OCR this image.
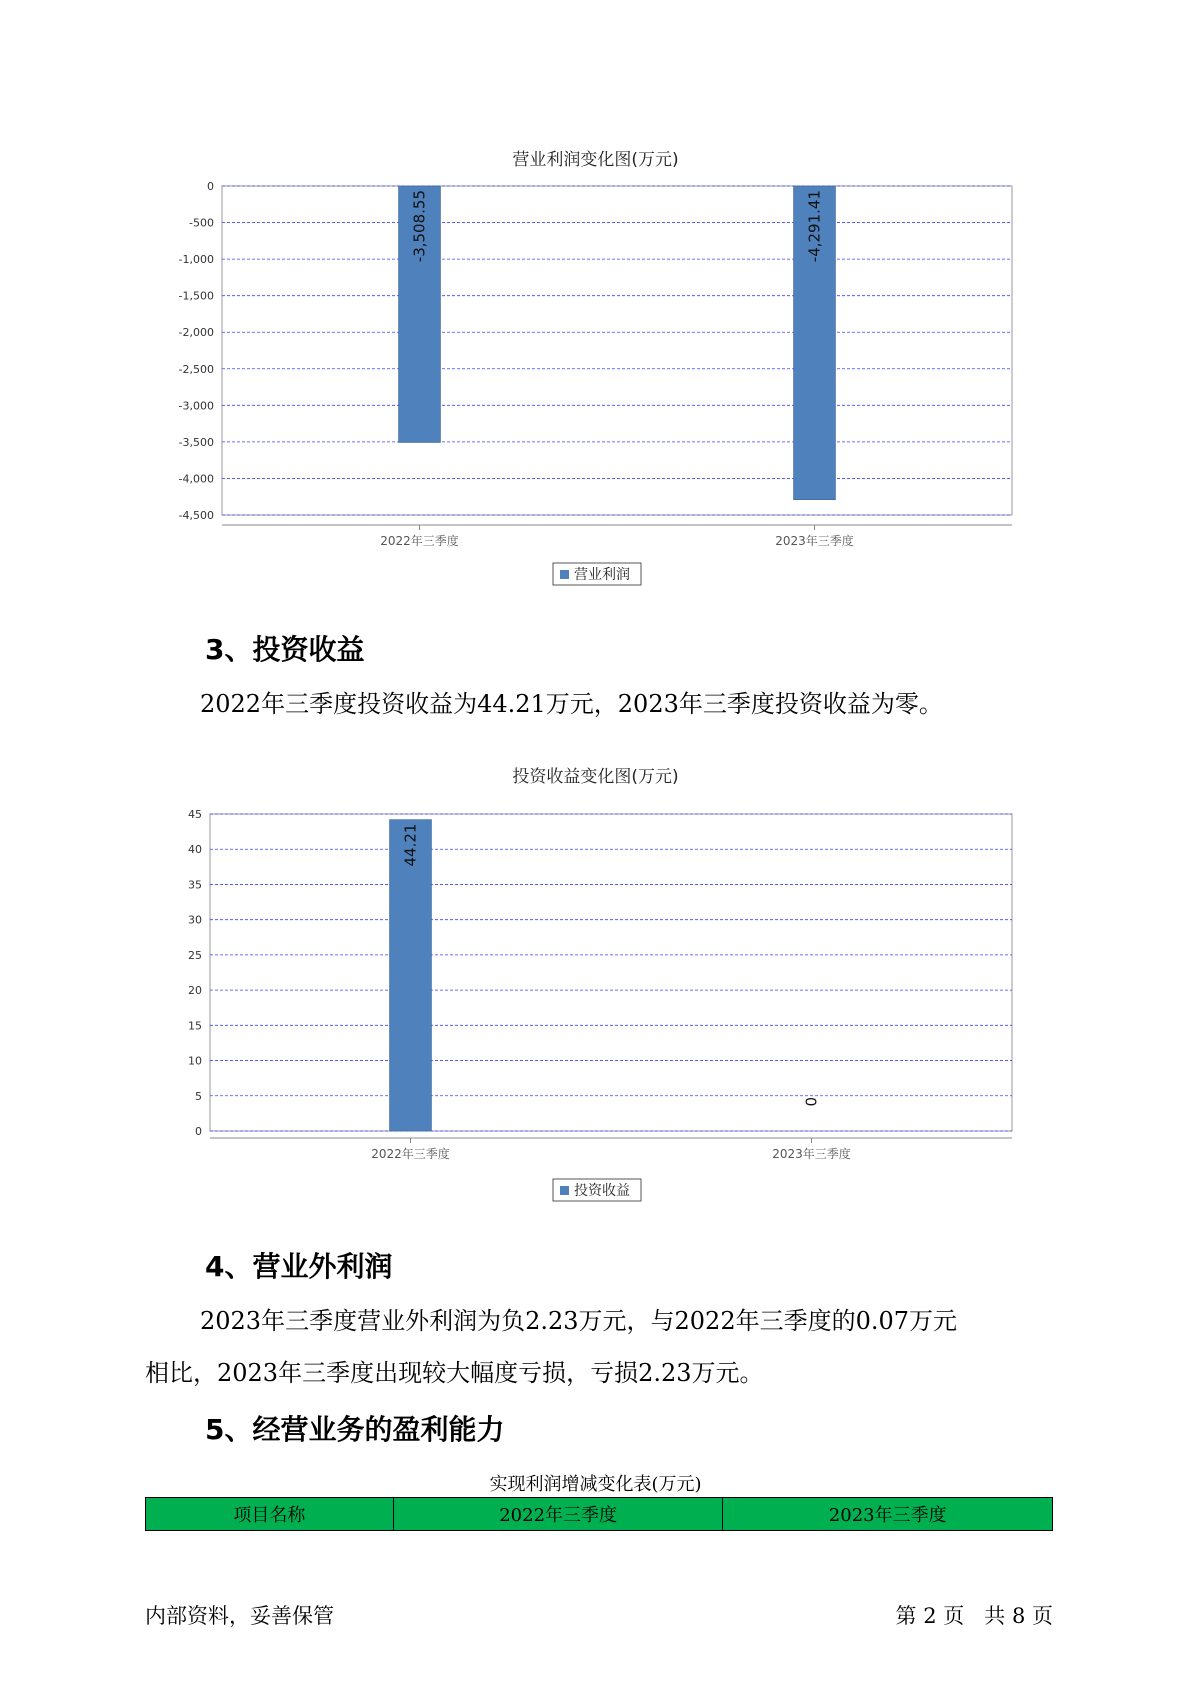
营业利润变化图(万元)
0
-500
-1,000
-1,500
-2,000
-2,500
-3,000
-3,500
-4,000
-4,500
2022年三季度
-3,508.55
2023年三季度
-4,291.41
营业利润
3、投资收益
2022年三季度投资收益为44.21万元，2023年三季度投资收益为零。
投资收益变化图(万元)
0
5
10
15
20
25
30
35
40
45
2022年三季度
44.21
2023年三季度
0
投资收益
4、营业外利润
2023年三季度营业外利润为负2.23万元，与2022年三季度的0.07万元
相比，2023年三季度出现较大幅度亏损，亏损2.23万元。
5、经营业务的盈利能力
实现利润增减变化表(万元)
项目名称	2022年三季度	2023年三季度
内部资料，妥善保管	第 2 页   共 8 页
